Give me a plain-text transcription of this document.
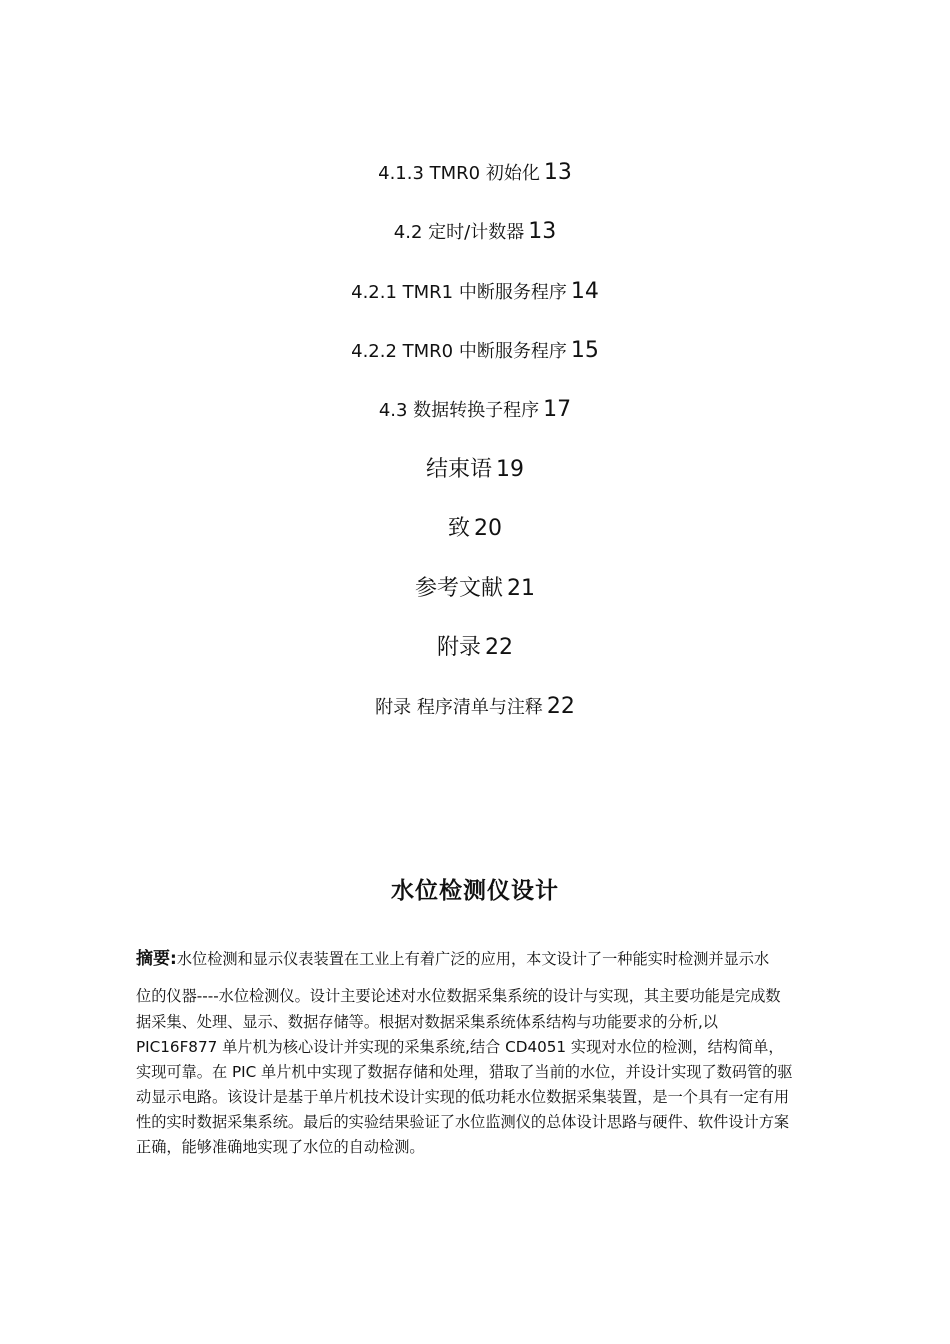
4.1.3 TMR0 初始化 13
4.2 定时/计数器 13
4.2.1 TMR1 中断服务程序 14
4.2.2 TMR0 中断服务程序 15
4.3 数据转换子程序 17
结束语 19
致 20
参考文献 21
附录 22
附录 程序清单与注释 22
水位检测仪设计
摘要:水位检测和显示仪表装置在工业上有着广泛的应用，本文设计了一种能实时检测并显示水
位的仪器----水位检测仪。设计主要论述对水位数据采集系统的设计与实现，其主要功能是完成数
据采集、处理、显示、数据存储等。根据对数据采集系统体系结构与功能要求的分析,以
PIC16F877 单片机为核心设计并实现的采集系统,结合 CD4051 实现对水位的检测，结构简单，
实现可靠。在 PIC 单片机中实现了数据存储和处理，猎取了当前的水位，并设计实现了数码管的驱
动显示电路。该设计是基于单片机技术设计实现的低功耗水位数据采集装置，是一个具有一定有用
性的实时数据采集系统。最后的实验结果验证了水位监测仪的总体设计思路与硬件、软件设计方案
正确，能够准确地实现了水位的自动检测。
